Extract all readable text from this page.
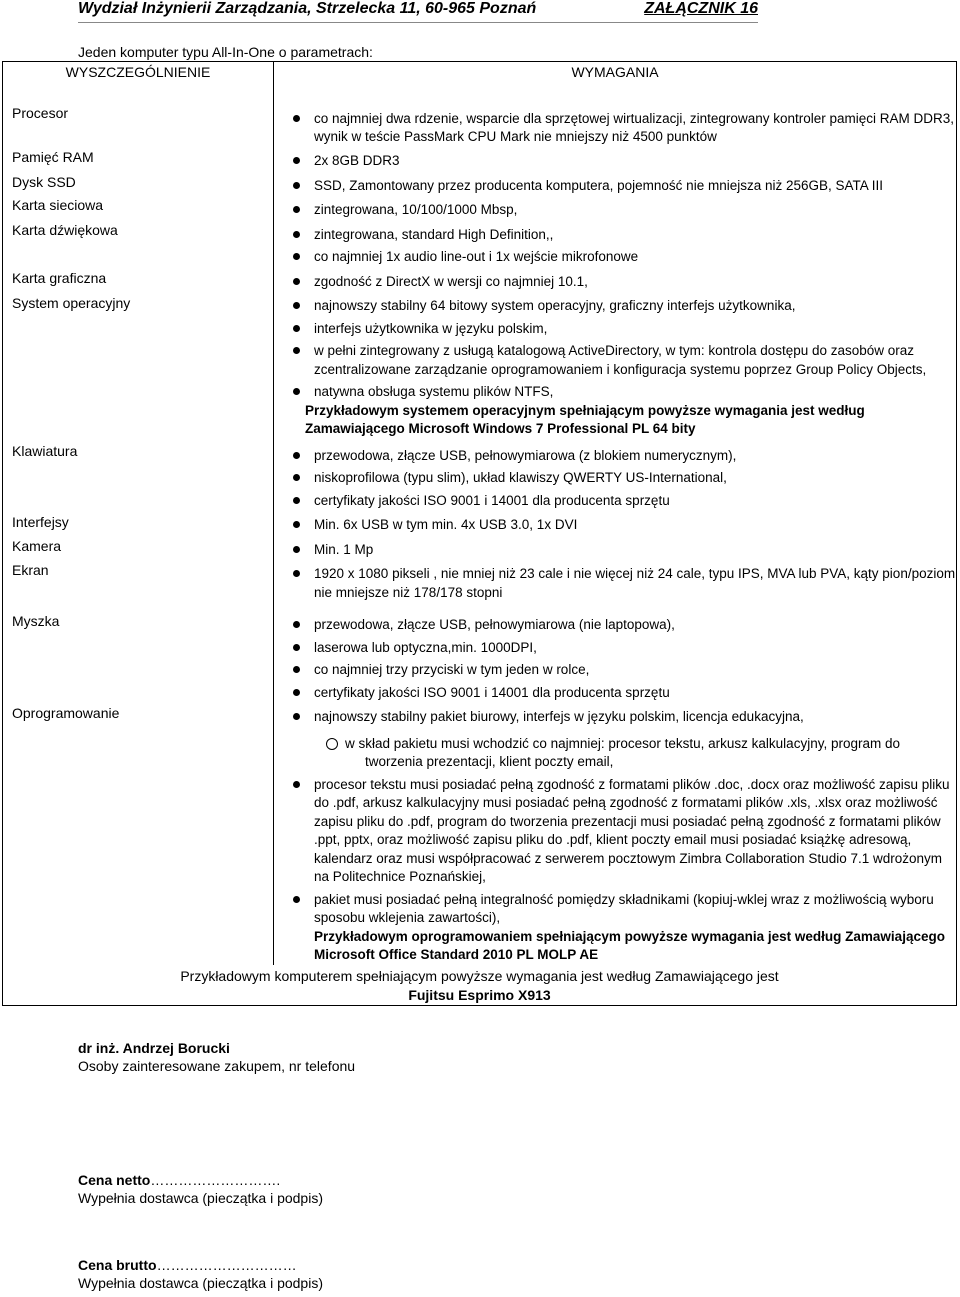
Wydział Inżynierii Zarządzania, Strzelecka 11, 60-965 Poznań	ZAŁĄCZNIK 16
Jeden komputer typu All-In-One o parametrach:
WYSZCZEGÓLNIENIE	WYMAGANIA
Procesor	co najmniej dwa rdzenie, wsparcie dla sprzętowej wirtualizacji, zintegrowany kontroler pamięci RAM DDR3, wynik w teście PassMark CPU Mark nie mniejszy niż 4500 punktów

Pamięć RAM	2x 8GB DDR3

Dysk SSD	SSD, Zamontowany przez producenta komputera, pojemność nie mniejsza niż 256GB, SATA III

Karta sieciowa	zintegrowana, 10/100/1000 Mbsp,

Karta dźwiękowa	zintegrowana, standard High Definition,,
co najmniej 1x audio line-out i 1x wejście mikrofonowe

Karta graficzna	zgodność z DirectX w wersji co najmniej 10.1,

System operacyjny	najnowszy stabilny 64 bitowy system operacyjny, graficzny interfejs użytkownika,
interfejs użytkownika w języku polskim,
w pełni zintegrowany z usługą katalogową ActiveDirectory, w tym: kontrola dostępu do zasobów oraz zcentralizowane zarządzanie oprogramowaniem i konfiguracja systemu poprzez Group Policy Objects,
natywna obsługa systemu plików NTFS,
Przykładowym systemem operacyjnym spełniającym powyższe wymagania jest według Zamawiającego Microsoft Windows 7 Professional PL 64 bity

Klawiatura	przewodowa, złącze USB, pełnowymiarowa (z blokiem numerycznym),
niskoprofilowa (typu slim), układ klawiszy QWERTY US-International,
certyfikaty jakości ISO 9001 i 14001 dla producenta sprzętu

Interfejsy	Min. 6x USB w tym min. 4x USB 3.0, 1x DVI

Kamera	Min. 1 Mp

Ekran	1920 x 1080 pikseli , nie mniej niż 23 cale i nie więcej niż 24 cale, typu IPS, MVA lub PVA, kąty pion/poziom nie mniejsze niż 178/178 stopni

Myszka	przewodowa, złącze USB, pełnowymiarowa (nie laptopowa),
laserowa lub optyczna,min. 1000DPI,
co najmniej trzy przyciski w tym jeden w rolce,
certyfikaty jakości ISO 9001 i 14001 dla producenta sprzętu

Oprogramowanie	najnowszy stabilny pakiet biurowy, interfejs w języku polskim, licencja edukacyjna,
w skład pakietu musi wchodzić co najmniej: procesor tekstu, arkusz kalkulacyjny, program do tworzenia prezentacji, klient poczty email,
procesor tekstu musi posiadać pełną zgodność z formatami plików .doc, .docx oraz możliwość zapisu pliku do .pdf, arkusz kalkulacyjny musi posiadać pełną zgodność z formatami plików .xls, .xlsx oraz możliwość zapisu pliku do .pdf, program do tworzenia prezentacji musi posiadać pełną zgodność z formatami plików .ppt, pptx, oraz możliwość zapisu pliku do .pdf, klient poczty email musi posiadać książkę adresową, kalendarz oraz musi współpracować z serwerem pocztowym Zimbra Collaboration Studio 7.1 wdrożonym na Politechnice Poznańskiej,
pakiet musi posiadać pełną integralność pomiędzy składnikami (kopiuj-wklej wraz z możliwością wyboru sposobu wklejenia zawartości),
Przykładowym oprogramowaniem spełniającym powyższe wymagania jest według Zamawiającego Microsoft Office Standard 2010 PL MOLP AE

Przykładowym komputerem spełniającym powyższe wymagania jest według Zamawiającego jest
Fujitsu Esprimo X913	
dr inż. Andrzej Borucki
Osoby zainteresowane zakupem, nr telefonu
Cena netto……………………….
Wypełnia dostawca (pieczątka i podpis)
Cena brutto…………………………
Wypełnia dostawca (pieczątka i podpis)
